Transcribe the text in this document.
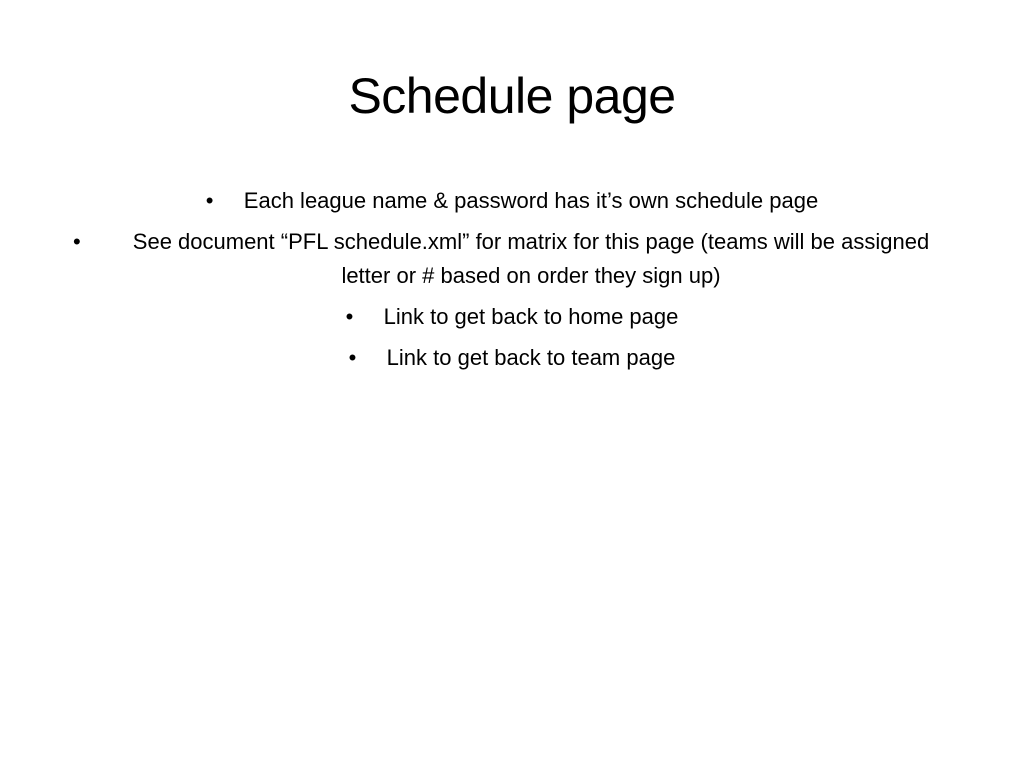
Schedule page
•	Each league name & password has it’s own schedule page
•	See document “PFL schedule.xml” for matrix for this page (teams will be assigned letter or # based on order they sign up)
•	Link to get back to home page
•	Link to get back to team page
